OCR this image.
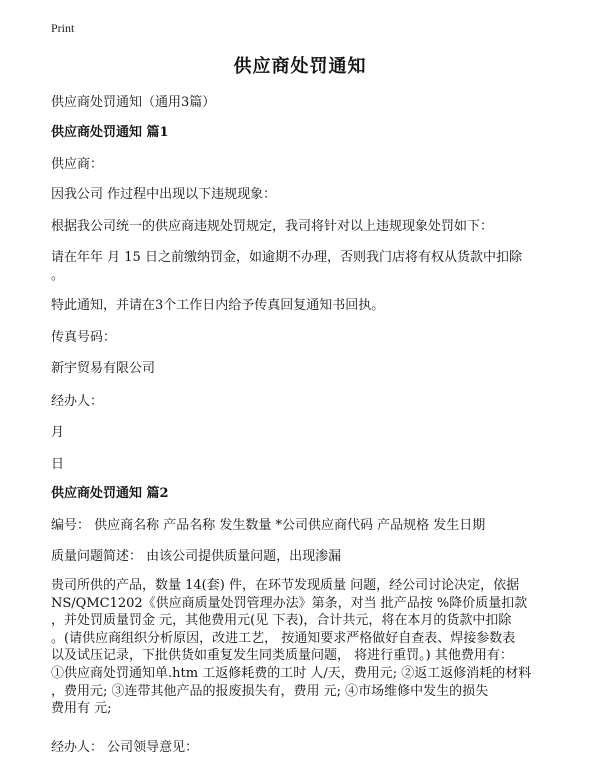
Print
供应商处罚通知
供应商处罚通知（通用3篇）
供应商处罚通知 篇1
供应商：
因我公司 作过程中出现以下违规现象：
根据我公司统一的供应商违规处罚规定，我司将针对以上违规现象处罚如下：
请在年年 月 15 日之前缴纳罚金，如逾期不办理，否则我门店将有权从货款中扣除
。
特此通知，并请在3个工作日内给予传真回复通知书回执。
传真号码：
新宇贸易有限公司
经办人：
月
日
供应商处罚通知 篇2
编号： 供应商名称 产品名称 发生数量 *公司供应商代码 产品规格 发生日期
质量问题简述： 由该公司提供质量问题，出现渗漏
贵司所供的产品，数量 14(套) 件，在环节发现质量 问题，经公司讨论决定，依据
NS/QMC1202《供应商质量处罚管理办法》第条，对当 批产品按 %降价质量扣款
，并处罚质量罚金 元，其他费用元(见 下表)，合计共元，将在本月的货款中扣除
。(请供应商组织分析原因，改进工艺， 按通知要求严格做好自查表、焊接参数表
以及试压记录，下批供货如重复发生同类质量问题， 将进行重罚。) 其他费用有：
①供应商处罚通知单.htm 工返修耗费的工时 人/天，费用元; ②返工返修消耗的材料
，费用元; ③连带其他产品的报废损失有，费用 元; ④市场维修中发生的损失
费用有 元;
经办人： 公司领导意见：
